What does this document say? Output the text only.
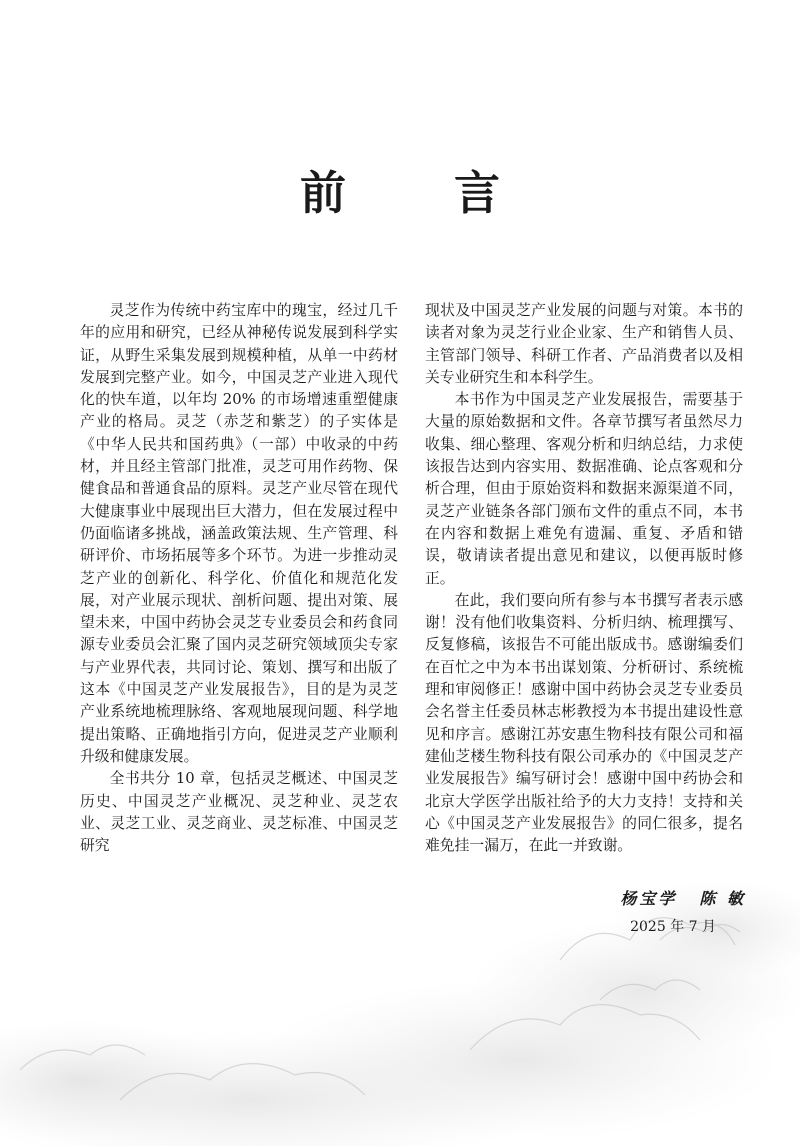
前 言

灵芝作为传统中药宝库中的瑰宝，经过几千年的应用和研究，已经从神秘传说发展到科学实证，从野生采集发展到规模种植，从单一中药材发展到完整产业。如今，中国灵芝产业进入现代化的快车道，以年均 20% 的市场增速重塑健康产业的格局。灵芝（赤芝和紫芝）的子实体是《中华人民共和国药典》（一部）中收录的中药材，并且经主管部门批准，灵芝可用作药物、保健食品和普通食品的原料。灵芝产业尽管在现代大健康事业中展现出巨大潜力，但在发展过程中仍面临诸多挑战，涵盖政策法规、生产管理、科研评价、市场拓展等多个环节。为进一步推动灵芝产业的创新化、科学化、价值化和规范化发展，对产业展示现状、剖析问题、提出对策、展望未来，中国中药协会灵芝专业委员会和药食同源专业委员会汇聚了国内灵芝研究领域顶尖专家与产业界代表，共同讨论、策划、撰写和出版了这本《中国灵芝产业发展报告》，目的是为灵芝产业系统地梳理脉络、客观地展现问题、科学地提出策略、正确地指引方向，促进灵芝产业顺利升级和健康发展。

全书共分 10 章，包括灵芝概述、中国灵芝历史、中国灵芝产业概况、灵芝种业、灵芝农业、灵芝工业、灵芝商业、灵芝标准、中国灵芝研究

现状及中国灵芝产业发展的问题与对策。本书的读者对象为灵芝行业企业家、生产和销售人员、主管部门领导、科研工作者、产品消费者以及相关专业研究生和本科学生。

本书作为中国灵芝产业发展报告，需要基于大量的原始数据和文件。各章节撰写者虽然尽力收集、细心整理、客观分析和归纳总结，力求使该报告达到内容实用、数据准确、论点客观和分析合理，但由于原始资料和数据来源渠道不同，灵芝产业链条各部门颁布文件的重点不同，本书在内容和数据上难免有遗漏、重复、矛盾和错误，敬请读者提出意见和建议，以便再版时修正。

在此，我们要向所有参与本书撰写者表示感谢！没有他们收集资料、分析归纳、梳理撰写、反复修稿，该报告不可能出版成书。感谢编委们在百忙之中为本书出谋划策、分析研讨、系统梳理和审阅修正！感谢中国中药协会灵芝专业委员会名誉主任委员林志彬教授为本书提出建设性意见和序言。感谢江苏安惠生物科技有限公司和福建仙芝楼生物科技有限公司承办的《中国灵芝产业发展报告》编写研讨会！感谢中国中药协会和北京大学医学出版社给予的大力支持！支持和关心《中国灵芝产业发展报告》的同仁很多，提名难免挂一漏万，在此一并致谢。

杨宝学 陈 敏
2025 年 7 月
